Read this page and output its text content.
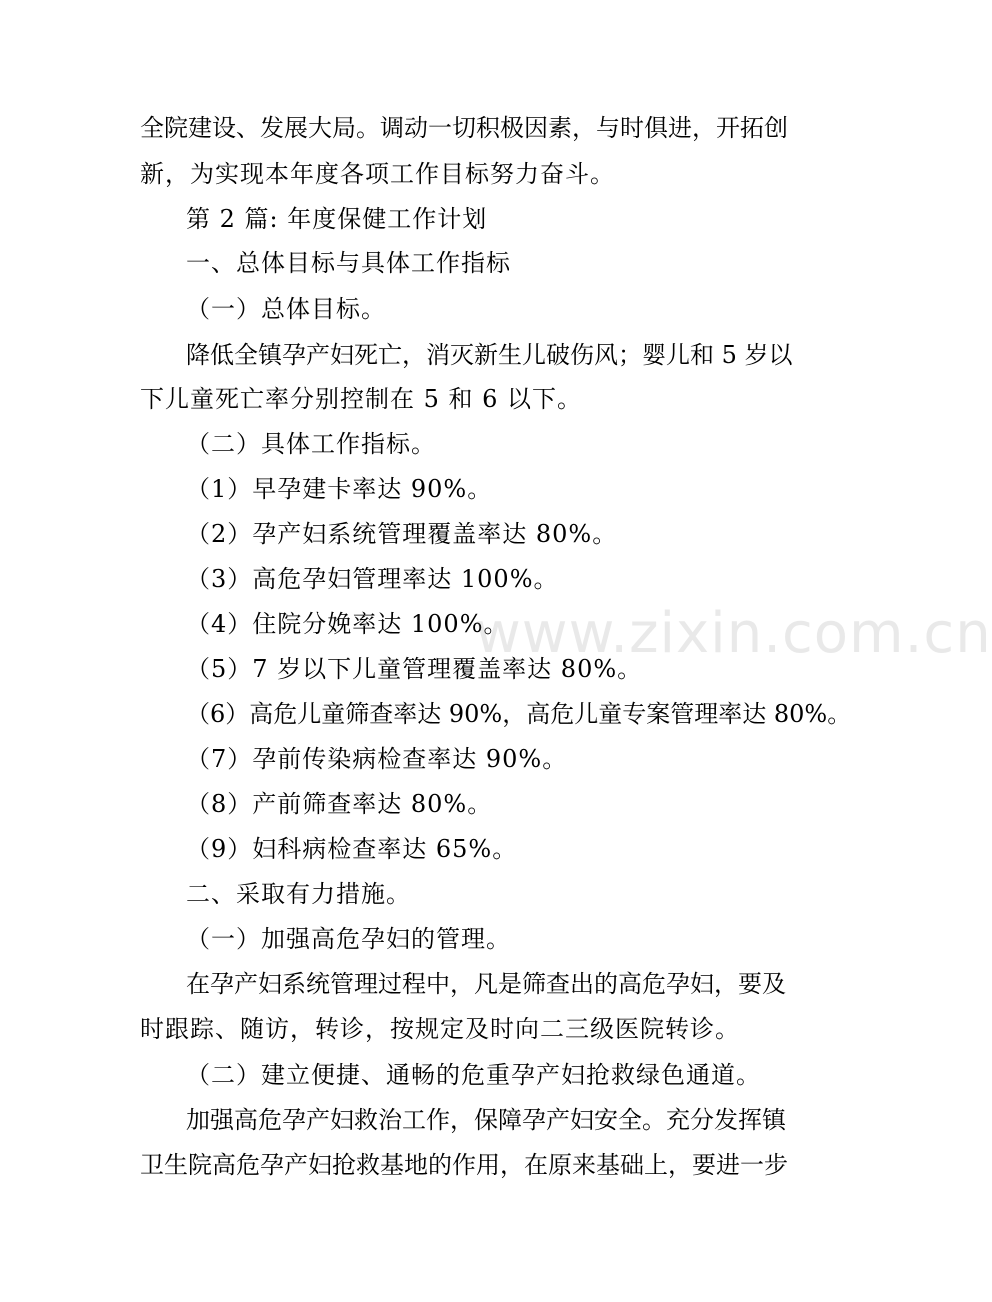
全院建设、发展大局。调动一切积极因素，与时俱进，开拓创
新，为实现本年度各项工作目标努力奋斗。
第 2 篇: 年度保健工作计划
一、总体目标与具体工作指标
（一）总体目标。
降低全镇孕产妇死亡，消灭新生儿破伤风；婴儿和 5 岁以
下儿童死亡率分别控制在 5 和 6 以下。
（二）具体工作指标。
（1）早孕建卡率达 90%。
（2）孕产妇系统管理覆盖率达 80%。
（3）高危孕妇管理率达 100%。
（4）住院分娩率达 100%。
（5）7 岁以下儿童管理覆盖率达 80%。
（6）高危儿童筛查率达 90%，高危儿童专案管理率达 80%。
（7）孕前传染病检查率达 90%。
（8）产前筛查率达 80%。
（9）妇科病检查率达 65%。
二、采取有力措施。
（一）加强高危孕妇的管理。
在孕产妇系统管理过程中，凡是筛查出的高危孕妇，要及
时跟踪、随访，转诊，按规定及时向二三级医院转诊。
（二）建立便捷、通畅的危重孕产妇抢救绿色通道。
加强高危孕产妇救治工作，保障孕产妇安全。充分发挥镇
卫生院高危孕产妇抢救基地的作用，在原来基础上，要进一步
www.zixin.com.cn
